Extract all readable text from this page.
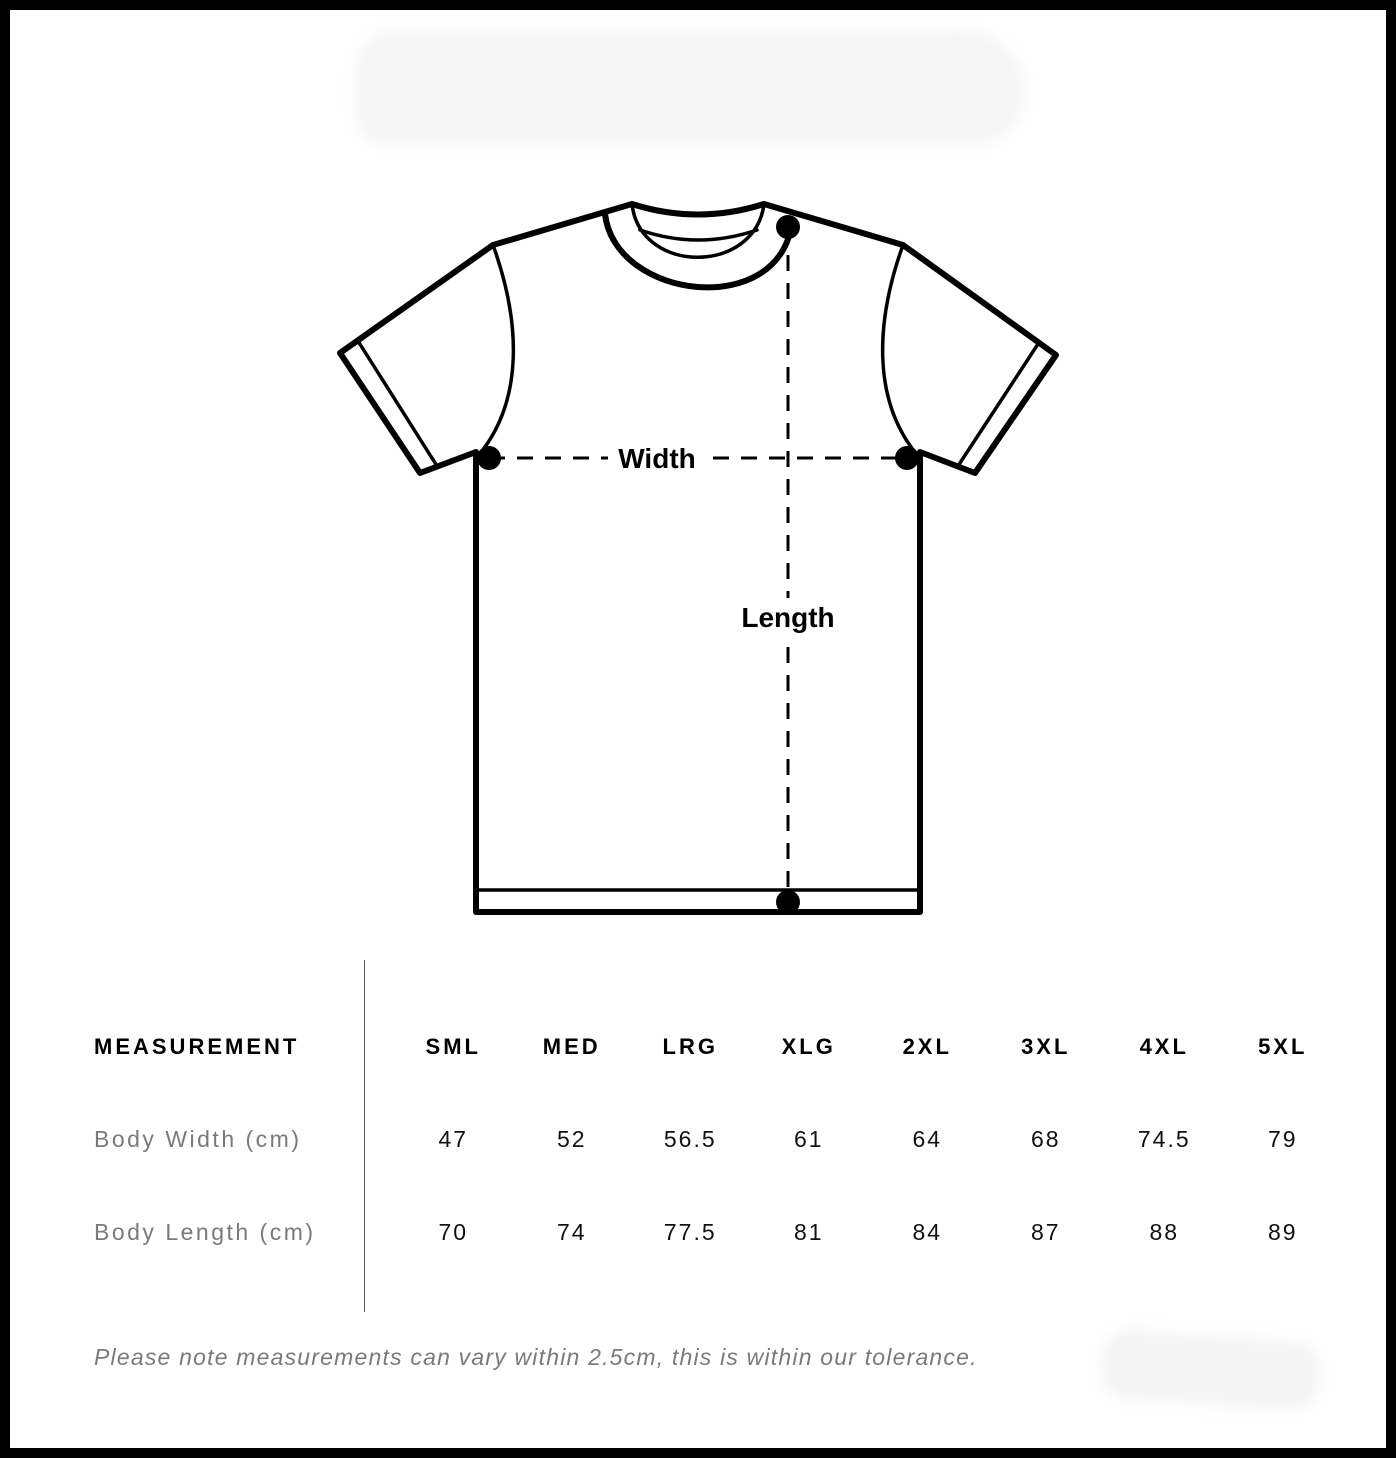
Width
Length
MEASUREMENT	SML	MED	LRG	XLG	2XL	3XL	4XL	5XL
Body Width (cm)	47	52	56.5	61	64	68	74.5	79
Body Length (cm)	70	74	77.5	81	84	87	88	89
Please note measurements can vary within 2.5cm, this is within our tolerance.
